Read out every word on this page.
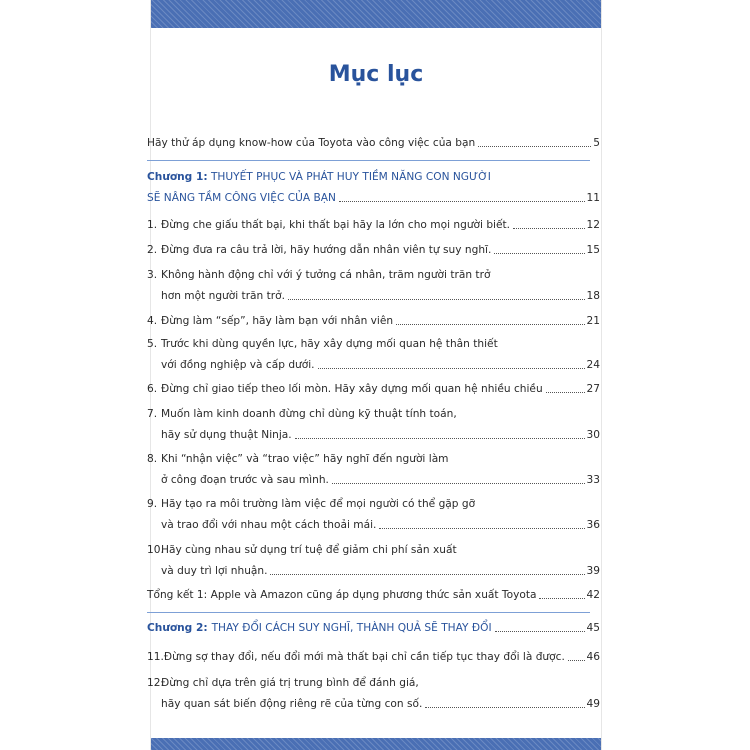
Mục lục
Hãy thử áp dụng know-how của Toyota vào công việc của bạn	5
Chương 1: THUYẾT PHỤC VÀ PHÁT HUY TIỀM NĂNG CON NGƯỜI
SẼ NÂNG TẦM CÔNG VIỆC CỦA BẠN	11
1. Đừng che giấu thất bại, khi thất bại hãy la lớn cho mọi người biết.	12
2. Đừng đưa ra câu trả lời, hãy hướng dẫn nhân viên tự suy nghĩ.	15
3. Không hành động chỉ với ý tưởng cá nhân, trăm người trăn trở
hơn một người trăn trở.	18
4. Đừng làm “sếp”, hãy làm bạn với nhân viên	21
5. Trước khi dùng quyền lực, hãy xây dựng mối quan hệ thân thiết
với đồng nghiệp và cấp dưới.	24
6. Đừng chỉ giao tiếp theo lối mòn. Hãy xây dựng mối quan hệ nhiều chiều	27
7. Muốn làm kinh doanh đừng chỉ dùng kỹ thuật tính toán,
hãy sử dụng thuật Ninja.	30
8. Khi “nhận việc” và “trao việc” hãy nghĩ đến người làm
ở công đoạn trước và sau mình.	33
9. Hãy tạo ra môi trường làm việc để mọi người có thể gặp gỡ
và trao đổi với nhau một cách thoải mái.	36
10.Hãy cùng nhau sử dụng trí tuệ để giảm chi phí sản xuất
và duy trì lợi nhuận.	39
Tổng kết 1: Apple và Amazon cũng áp dụng phương thức sản xuất Toyota	42
Chương 2: THAY ĐỔI CÁCH SUY NGHĨ, THÀNH QUẢ SẼ THAY ĐỔI	45
11. Đừng sợ thay đổi, nếu đổi mới mà thất bại chỉ cần tiếp tục thay đổi là được. 46
12.Đừng chỉ dựa trên giá trị trung bình để đánh giá,
hãy quan sát biến động riêng rẽ của từng con số.	49
